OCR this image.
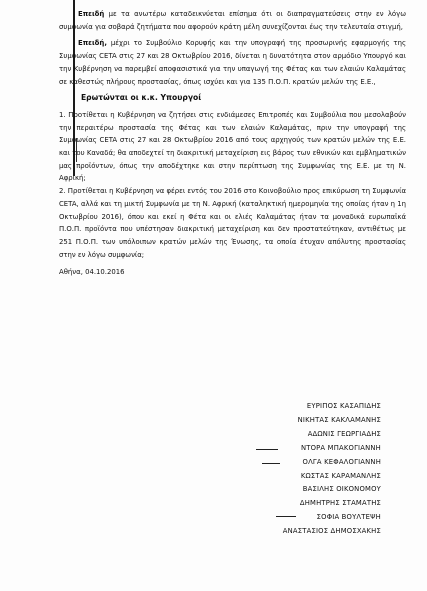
Επειδή με τα ανωτέρω καταδεικνύεται επίσημα ότι οι διαπραγματεύσεις στην εν λόγω συμφωνία για σοβαρά ζητήματα που αφορούν κράτη μέλη συνεχίζονται έως την τελευταία στιγμή,

Επειδή, μέχρι το Συμβούλιο Κορυφής και την υπογραφή της προσωρινής εφαρμογής της Συμφωνίας CETA στις 27 και 28 Οκτωβρίου 2016, δίνεται η δυνατότητα στον αρμόδιο Υπουργό και την Κυβέρνηση να παρεμβεί αποφασιστικά για την υπαγωγή της Φέτας και των ελαιών Καλαμάτας σε καθεστώς πλήρους προστασίας, όπως ισχύει και για 135 Π.Ο.Π. κρατών μελών της Ε.Ε.,

Ερωτώνται οι κ.κ. Υπουργοί

1. Προτίθεται η Κυβέρνηση να ζητήσει στις ενδιάμεσες Επιτροπές και Συμβούλια που μεσολαβούν την περαιτέρω προστασία της Φέτας και των ελαιών Καλαμάτας, πριν την υπογραφή της Συμφωνίας CETA στις 27 και 28 Οκτωβρίου 2016 από τους αρχηγούς των κρατών μελών της Ε.Ε. και του Καναδά; θα αποδεχτεί τη διακριτική μεταχείριση εις βάρος των εθνικών και εμβληματικών μας προϊόντων, όπως την αποδέχτηκε και στην περίπτωση της Συμφωνίας της Ε.Ε. με τη Ν. Αφρική;

2. Προτίθεται η Κυβέρνηση να φέρει εντός του 2016 στο Κοινοβούλιο προς επικύρωση τη Συμφωνία CETA, αλλά και τη μικτή Συμφωνία με τη Ν. Αφρική (καταληκτική ημερομηνία της οποίας ήταν η 1η Οκτωβρίου 2016), όπου και εκεί η Φέτα και οι ελιές Καλαμάτας ήταν τα μοναδικά ευρωπαϊκά Π.Ο.Π. προϊόντα που υπέστησαν διακριτική μεταχείριση και δεν προστατεύτηκαν, αντιθέτως με 251 Π.Ο.Π. των υπόλοιπων κρατών μελών της Ένωσης, τα οποία έτυχαν απόλυτης προστασίας στην εν λόγω συμφωνία;

Αθήνα, 04.10.2016

ΕΥΡΙΠΟΣ ΚΑΣΑΠΙΔΗΣ
ΝΙΚΗΤΑΣ ΚΑΚΛΑΜΑΝΗΣ
ΑΔΩΝΙΣ ΓΕΩΡΓΙΑΔΗΣ
ΝΤΟΡΑ ΜΠΑΚΟΓΙΑΝΝΗ
ΟΛΓΑ ΚΕΦΑΛΟΓΙΑΝΝΗ
ΚΩΣΤΑΣ ΚΑΡΑΜΑΝΛΗΣ
ΒΑΣΙΛΗΣ ΟΙΚΟΝΟΜΟΥ
ΔΗΜΗΤΡΗΣ ΣΤΑΜΑΤΗΣ
ΣΟΦΙΑ ΒΟΥΛΤΕΨΗ
ΑΝΑΣΤΑΣΙΟΣ ΔΗΜΟΣΧΑΚΗΣ
